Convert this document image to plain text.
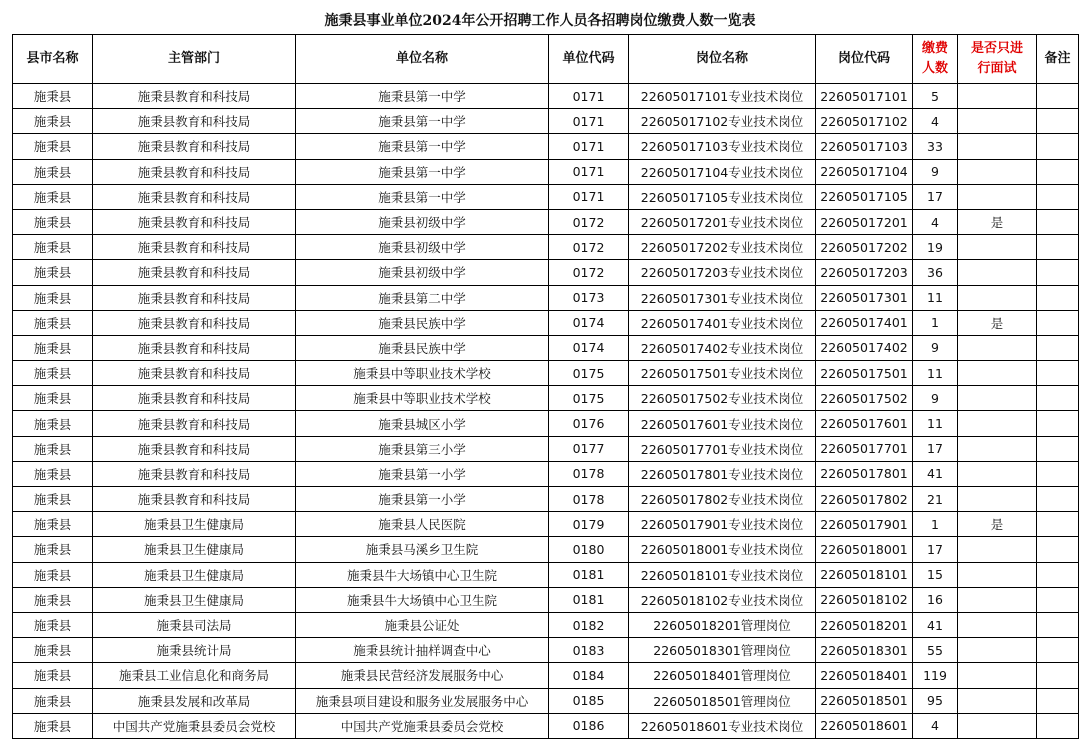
施秉县事业单位2024年公开招聘工作人员各招聘岗位缴费人数一览表
县市名称	主管部门	单位名称	单位代码	岗位名称	岗位代码	缴费人数	是否只进行面试	备注
施秉县	施秉县教育和科技局	施秉县第一中学	0171	22605017101专业技术岗位	22605017101	5		
施秉县	施秉县教育和科技局	施秉县第一中学	0171	22605017102专业技术岗位	22605017102	4		
施秉县	施秉县教育和科技局	施秉县第一中学	0171	22605017103专业技术岗位	22605017103	33		
施秉县	施秉县教育和科技局	施秉县第一中学	0171	22605017104专业技术岗位	22605017104	9		
施秉县	施秉县教育和科技局	施秉县第一中学	0171	22605017105专业技术岗位	22605017105	17		
施秉县	施秉县教育和科技局	施秉县初级中学	0172	22605017201专业技术岗位	22605017201	4	是	
施秉县	施秉县教育和科技局	施秉县初级中学	0172	22605017202专业技术岗位	22605017202	19		
施秉县	施秉县教育和科技局	施秉县初级中学	0172	22605017203专业技术岗位	22605017203	36		
施秉县	施秉县教育和科技局	施秉县第二中学	0173	22605017301专业技术岗位	22605017301	11		
施秉县	施秉县教育和科技局	施秉县民族中学	0174	22605017401专业技术岗位	22605017401	1	是	
施秉县	施秉县教育和科技局	施秉县民族中学	0174	22605017402专业技术岗位	22605017402	9		
施秉县	施秉县教育和科技局	施秉县中等职业技术学校	0175	22605017501专业技术岗位	22605017501	11		
施秉县	施秉县教育和科技局	施秉县中等职业技术学校	0175	22605017502专业技术岗位	22605017502	9		
施秉县	施秉县教育和科技局	施秉县城区小学	0176	22605017601专业技术岗位	22605017601	11		
施秉县	施秉县教育和科技局	施秉县第三小学	0177	22605017701专业技术岗位	22605017701	17		
施秉县	施秉县教育和科技局	施秉县第一小学	0178	22605017801专业技术岗位	22605017801	41		
施秉县	施秉县教育和科技局	施秉县第一小学	0178	22605017802专业技术岗位	22605017802	21		
施秉县	施秉县卫生健康局	施秉县人民医院	0179	22605017901专业技术岗位	22605017901	1	是	
施秉县	施秉县卫生健康局	施秉县马溪乡卫生院	0180	22605018001专业技术岗位	22605018001	17		
施秉县	施秉县卫生健康局	施秉县牛大场镇中心卫生院	0181	22605018101专业技术岗位	22605018101	15		
施秉县	施秉县卫生健康局	施秉县牛大场镇中心卫生院	0181	22605018102专业技术岗位	22605018102	16		
施秉县	施秉县司法局	施秉县公证处	0182	22605018201管理岗位	22605018201	41		
施秉县	施秉县统计局	施秉县统计抽样调查中心	0183	22605018301管理岗位	22605018301	55		
施秉县	施秉县工业信息化和商务局	施秉县民营经济发展服务中心	0184	22605018401管理岗位	22605018401	119		
施秉县	施秉县发展和改革局	施秉县项目建设和服务业发展服务中心	0185	22605018501管理岗位	22605018501	95		
施秉县	中国共产党施秉县委员会党校	中国共产党施秉县委员会党校	0186	22605018601专业技术岗位	22605018601	4		
